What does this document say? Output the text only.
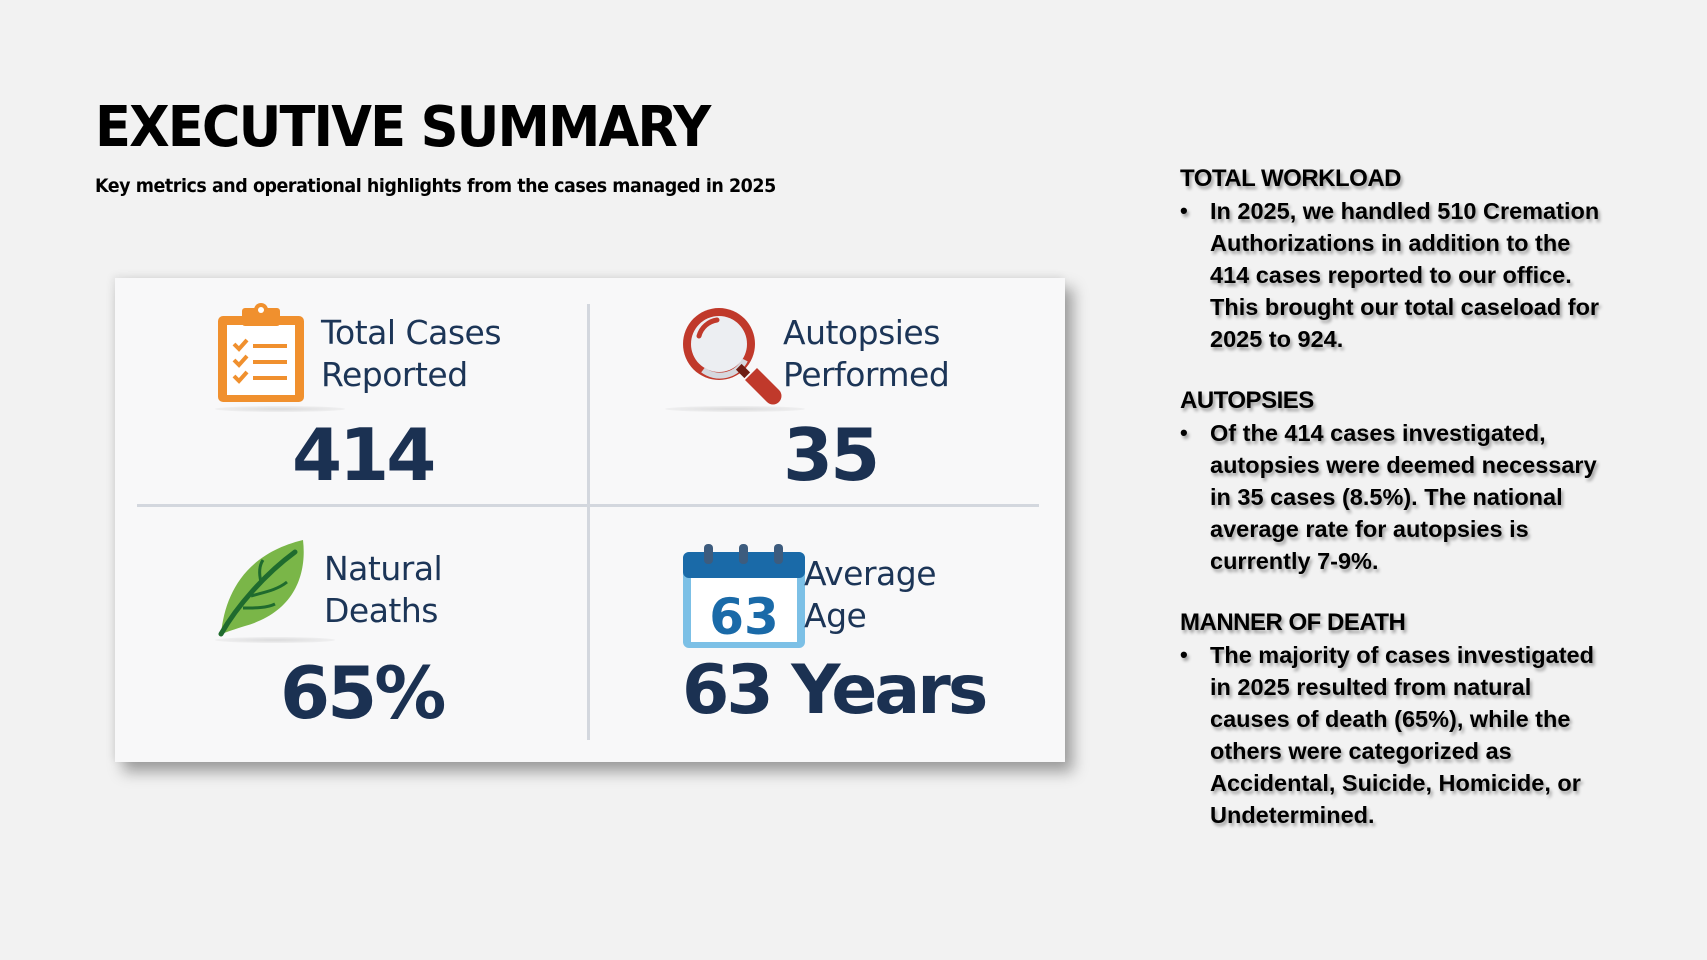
EXECUTIVE SUMMARY
Key metrics and operational highlights from the cases managed in 2025
Total Cases
Reported
414
Autopsies
Performed
35
Natural
Deaths
65%
63
Average
Age
63 Years
TOTAL WORKLOAD
• In 2025, we handled 510 Cremation Authorizations in addition to the 414 cases reported to our office. This brought our total caseload for 2025 to 924.
AUTOPSIES
• Of the 414 cases investigated, autopsies were deemed necessary in 35 cases (8.5%). The national average rate for autopsies is currently 7-9%.
MANNER OF DEATH
• The majority of cases investigated in 2025 resulted from natural causes of death (65%), while the others were categorized as Accidental, Suicide, Homicide, or Undetermined.
